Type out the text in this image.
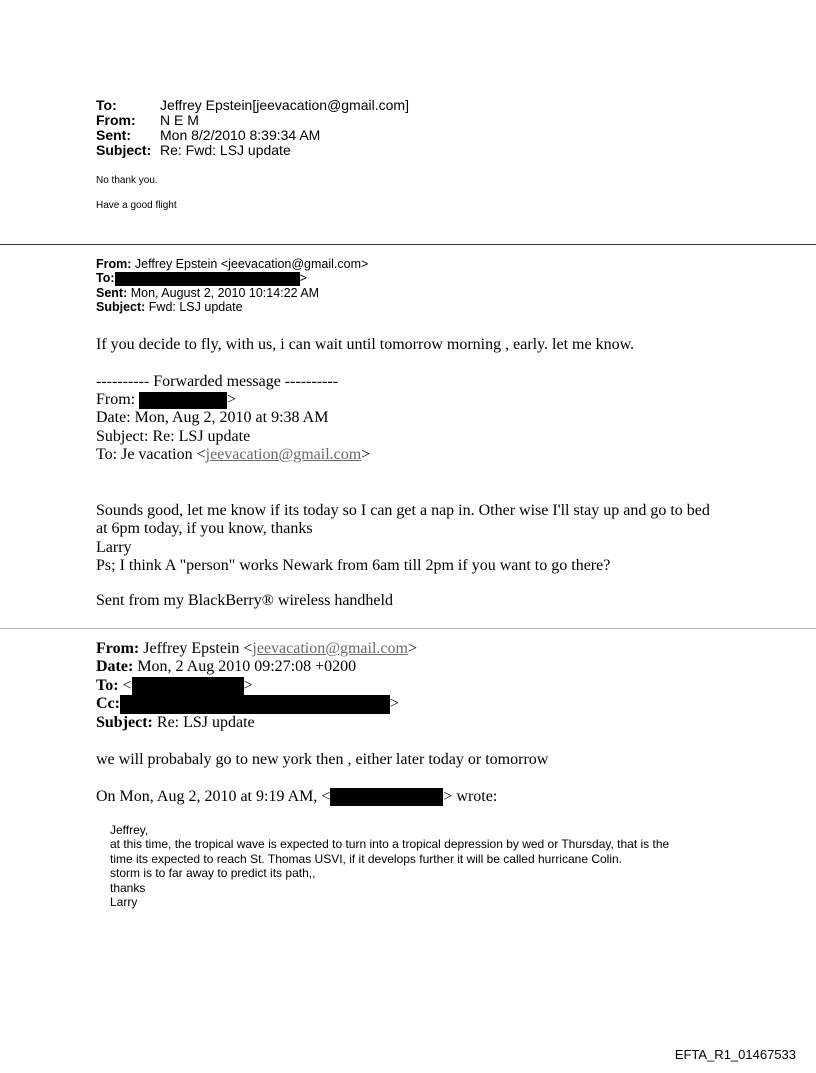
To:	Jeffrey Epstein[jeevacation@gmail.com]
From: N E M
Sent: Mon 8/2/2010 8:39:34 AM
Subject: Re: Fwd: LSJ update
No thank you.
Have a good flight
From: Jeffrey Epstein <jeevacation@gmail.com>
To:	>
Sent: Mon, August 2, 2010 10:14:22 AM
Subject: Fwd: LSJ update
If you decide to fly, with us, i can wait until tomorrow morning , early. let me know.
---------- Forwarded message ----------
From:	>
Date: Mon, Aug 2, 2010 at 9:38 AM
Subject: Re: LSJ update
To: Je vacation <jeevacation@gmail.com>
Sounds good, let me know if its today so I can get a nap in. Other wise I'll stay up and go to bed
at 6pm today, if you know, thanks
Larry
Ps; I think A "person" works Newark from 6am till 2pm if you want to go there?
Sent from my BlackBerry® wireless handheld
From: Jeffrey Epstein <jeevacation@gmail.com>
Date: Mon, 2 Aug 2010 09:27:08 +0200
To: <	>
Cc:	>
Subject: Re: LSJ update
we will probabaly go to new york then , either later today or tomorrow
On Mon, Aug 2, 2010 at 9:19 AM, <	> wrote:
Jeffrey,
at this time, the tropical wave is expected to turn into a tropical depression by wed or Thursday, that is the
time its expected to reach St. Thomas USVI, if it develops further it will be called hurricane Colin.
storm is to far away to predict its path,,
thanks
Larry
EFTA_R1_01467533
